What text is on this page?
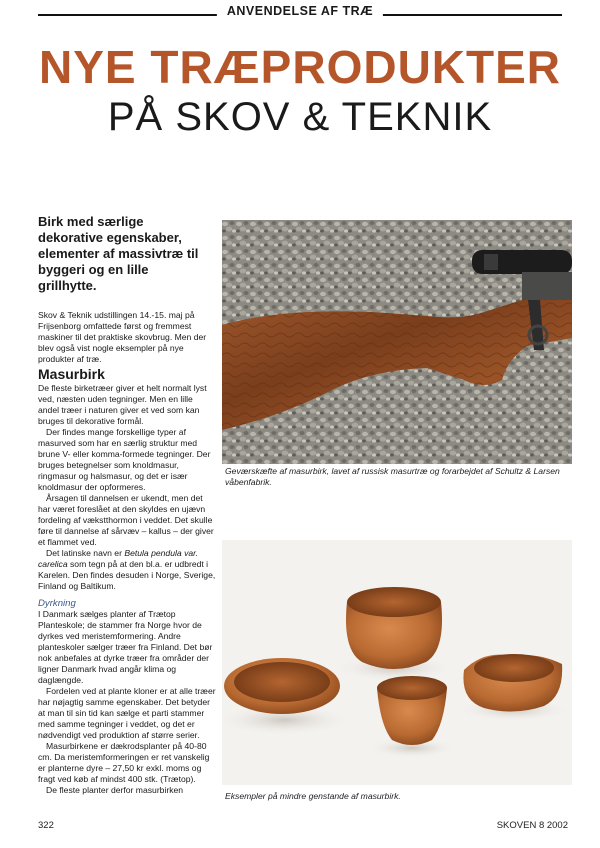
ANVENDELSE AF TRÆ
NYE TRÆPRODUKTER
PÅ SKOV & TEKNIK
Birk med særlige dekorative egenskaber, elementer af massivtræ til byggeri og en lille grillhytte.

Skov & Teknik udstillingen 14.-15. maj på Frijsenborg omfattede først og fremmest maskiner til det praktiske skovbrug. Men der blev også vist nogle eksempler på nye produkter af træ.

Masurbirk

De fleste birketræer giver et helt normalt lyst ved, næsten uden tegninger. Men en lille andel træer i naturen giver et ved som kan bruges til dekorative formål.

Der findes mange forskellige typer af masurved som har en særlig struktur med brune V- eller komma-formede tegninger. Der bruges betegnelser som knoldmasur, ringmasur og halsmasur, og det er især knoldmasur der opformeres.

Årsagen til dannelsen er ukendt, men det har været foreslået at den skyldes en ujævn fordeling af vækstthormon i veddet. Det skulle føre til dannelse af sårvæv – kallus – der giver et flammet ved.

Det latinske navn er Betula pendula var. carelica som tegn på at den bl.a. er udbredt i Karelen. Den findes desuden i Norge, Sverige, Finland og Baltikum.

Dyrkning

I Danmark sælges planter af Trætop Planteskole; de stammer fra Norge hvor de dyrkes ved meristemformering. Andre planteskoler sælger træer fra Finland. Det bør nok anbefales at dyrke træer fra områder der ligner Danmark hvad angår klima og daglængde.

Fordelen ved at plante kloner er at alle træer har nøjagtig samme egenskaber. Det betyder at man til sin tid kan sælge et parti stammer med samme tegninger i veddet, og det er nødvendigt ved produktion af større serier.

Masurbirkene er dækrodsplanter på 40-80 cm. Da meristemformeringen er ret vanskelig er planterne dyre – 27,50 kr exkl. moms og fragt ved køb af mindst 400 stk. (Trætop).

De fleste planter derfor masurbirken

Geværskæfte af masurbirk, lavet af russisk masurtræ og forarbejdet af Schultz & Larsen våbenfabrik.
Eksempler på mindre genstande af masurbirk.
322	SKOVEN 8 2002
